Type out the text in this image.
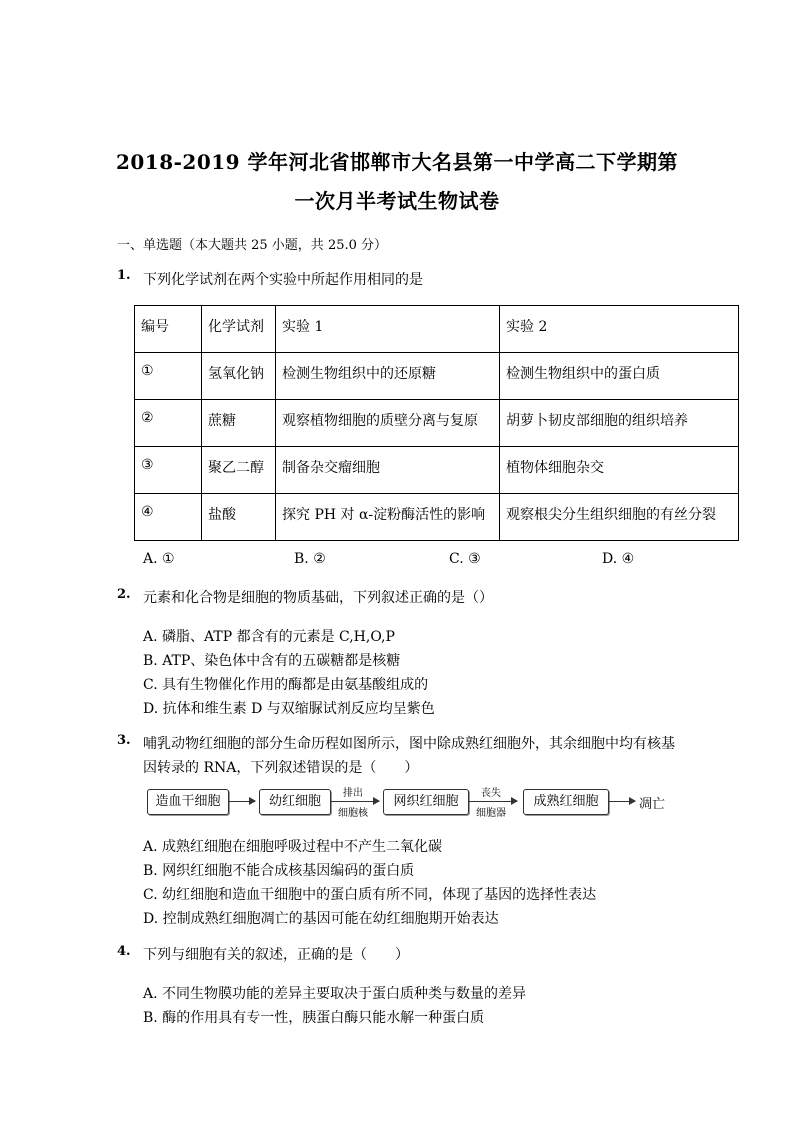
2018-2019 学年河北省邯郸市大名县第一中学高二下学期第
一次月半考试生物试卷
一、单选题（本大题共 25 小题，共 25.0 分）
1. 下列化学试剂在两个实验中所起作用相同的是
编号	化学试剂	实验 1	实验 2
①	氢氧化钠	检测生物组织中的还原糖	检测生物组织中的蛋白质
②	蔗糖	观察植物细胞的质壁分离与复原	胡萝卜韧皮部细胞的组织培养
③	聚乙二醇	制备杂交瘤细胞	植物体细胞杂交
④	盐酸	探究 PH 对 α-淀粉酶活性的影响	观察根尖分生组织细胞的有丝分裂
A. ①	B. ②	C. ③	D. ④
2. 元素和化合物是细胞的物质基础，下列叙述正确的是（）
A. 磷脂、ATP 都含有的元素是 C,H,O,P
B. ATP、染色体中含有的五碳糖都是核糖
C. 具有生物催化作用的酶都是由氨基酸组成的
D. 抗体和维生素 D 与双缩脲试剂反应均呈紫色
3. 哺乳动物红细胞的部分生命历程如图所示，图中除成熟红细胞外，其余细胞中均有核基
因转录的 RNA，下列叙述错误的是（　　）
造血干细胞	幼红细胞
排出
细胞核
网织红细胞
丧失
细胞器
成熟红细胞	凋亡
A. 成熟红细胞在细胞呼吸过程中不产生二氧化碳
B. 网织红细胞不能合成核基因编码的蛋白质
C. 幼红细胞和造血干细胞中的蛋白质有所不同，体现了基因的选择性表达
D. 控制成熟红细胞凋亡的基因可能在幼红细胞期开始表达
4. 下列与细胞有关的叙述，正确的是（　　）
A. 不同生物膜功能的差异主要取决于蛋白质种类与数量的差异
B. 酶的作用具有专一性，胰蛋白酶只能水解一种蛋白质
